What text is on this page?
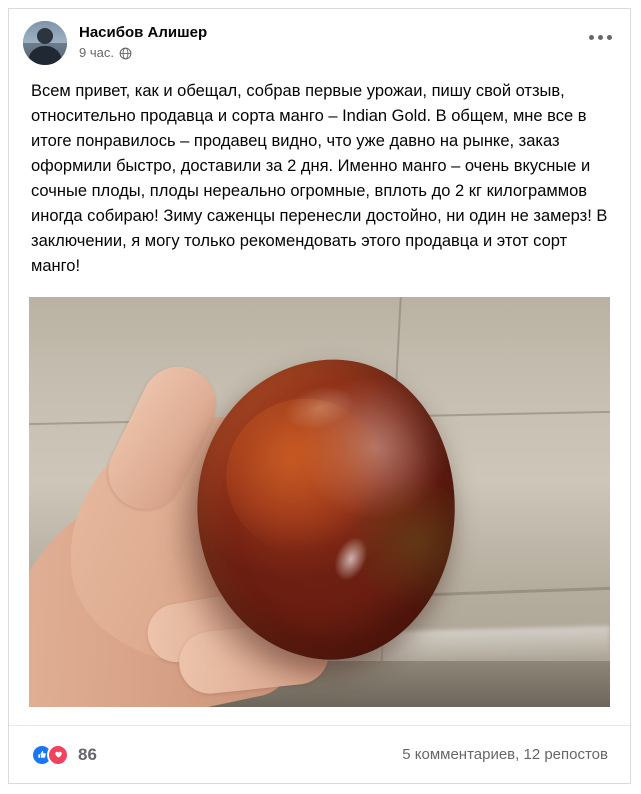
Насибов Алишер
9 час.
Всем привет, как и обещал, собрав первые урожаи, пишу свой отзыв, относительно продавца и сорта манго – Indian Gold. В общем, мне все в итоге понравилось – продавец видно, что уже давно на рынке, заказ оформили быстро, доставили за 2 дня. Именно манго – очень вкусные и сочные плоды, плоды нереально огромные, вплоть до 2 кг килограммов иногда собираю! Зиму саженцы перенесли достойно, ни один не замерз! В заключении, я могу только рекомендовать этого продавца и этот сорт манго!
86	5 комментариев, 12 репостов
